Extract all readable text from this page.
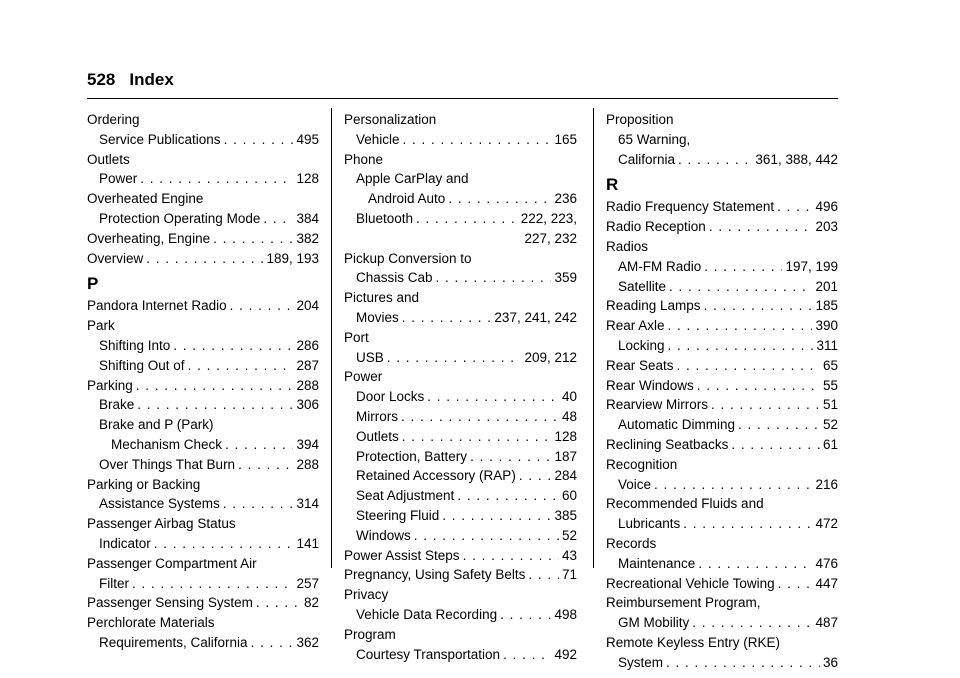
528 Index
Ordering
Service Publications . . .	495
Outlets
Power . . .	128
Overheated Engine
Protection Operating Mode . . .	384
Overheating, Engine . . .	382
Overview . . .	189, 193
P
Pandora Internet Radio . . .	204
Park
Shifting Into . . .	286
Shifting Out of . . .	287
Parking . . .	288
Brake . . .	306
Brake and P (Park)
Mechanism Check . . .	394
Over Things That Burn . . .	288
Parking or Backing
Assistance Systems . . .	314
Passenger Airbag Status
Indicator . . .	141
Passenger Compartment Air
Filter . . .	257
Passenger Sensing System . . .	82
Perchlorate Materials
Requirements, California . . .	362
Personalization
Vehicle . . .	165
Phone
Apple CarPlay and
Android Auto . . .	236
Bluetooth . . .	222, 223,
227, 232
Pickup Conversion to
Chassis Cab . . .	359
Pictures and
Movies . . .	237, 241, 242
Port
USB . . .	209, 212
Power
Door Locks . . .	40
Mirrors . . .	48
Outlets . . .	128
Protection, Battery . . .	187
Retained Accessory (RAP) . . .	284
Seat Adjustment . . .	60
Steering Fluid . . .	385
Windows . . .	52
Power Assist Steps . . .	43
Pregnancy, Using Safety Belts . . .	71
Privacy
Vehicle Data Recording . . .	498
Program
Courtesy Transportation . . .	492
Proposition
65 Warning,
California . . .	361, 388, 442
R
Radio Frequency Statement . . .	496
Radio Reception . . .	203
Radios
AM-FM Radio . . .	197, 199
Satellite . . .	201
Reading Lamps . . .	185
Rear Axle . . .	390
Locking . . .	311
Rear Seats . . .	65
Rear Windows . . .	55
Rearview Mirrors . . .	51
Automatic Dimming . . .	52
Reclining Seatbacks . . .	61
Recognition
Voice . . .	216
Recommended Fluids and
Lubricants . . .	472
Records
Maintenance . . .	476
Recreational Vehicle Towing . . .	447
Reimbursement Program,
GM Mobility . . .	487
Remote Keyless Entry (RKE)
System . . .	36
